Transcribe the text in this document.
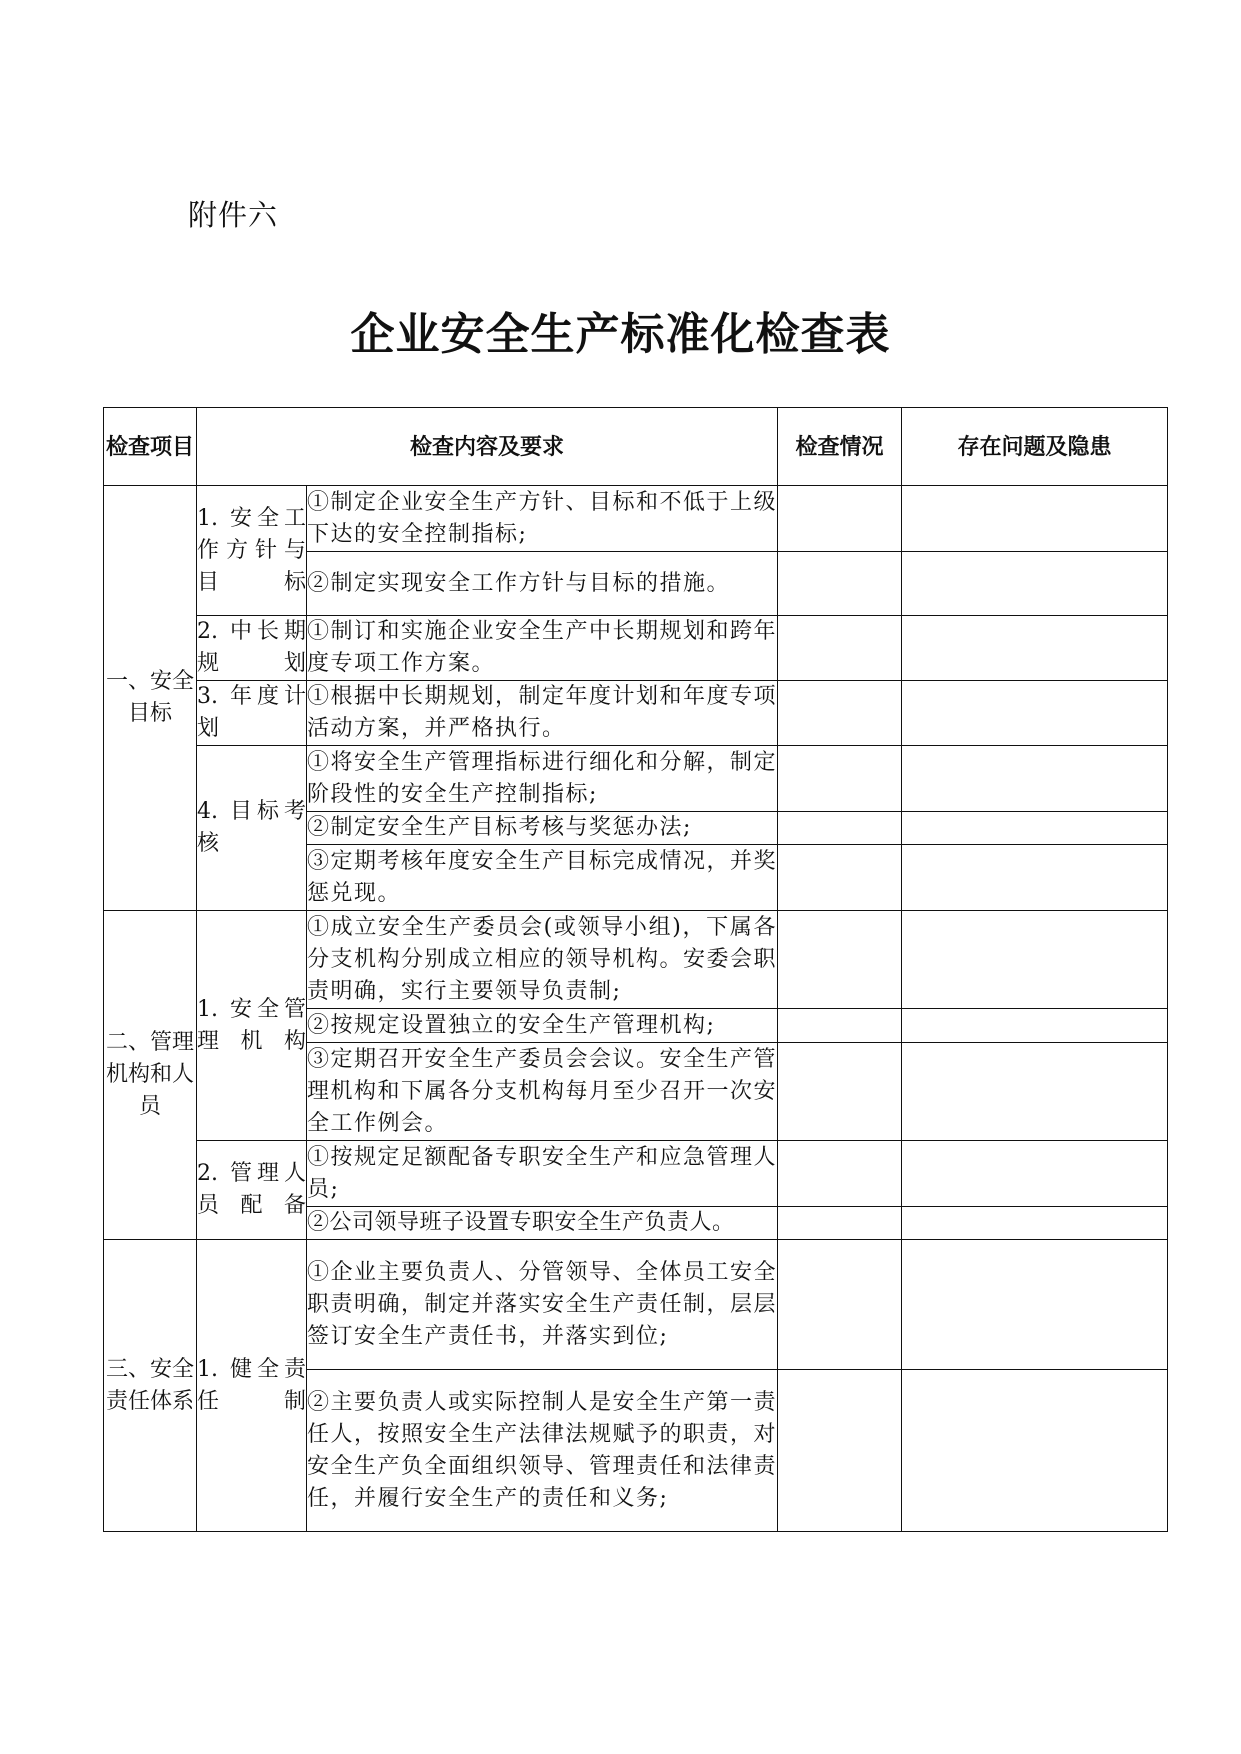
附件六
企业安全生产标准化检查表
检查项目	检查内容及要求		检查情况	存在问题及隐患
一、安全目标	1. 安全工作方针与目标	①制定企业安全生产方针、目标和不低于上级下达的安全控制指标;		
		②制定实现安全工作方针与目标的措施。		
	2. 中长期规划	①制订和实施企业安全生产中长期规划和跨年度专项工作方案。		
	3. 年度计划	①根据中长期规划，制定年度计划和年度专项活动方案，并严格执行。		
	4. 目标考核	①将安全生产管理指标进行细化和分解，制定阶段性的安全生产控制指标;		
		②制定安全生产目标考核与奖惩办法;		
		③定期考核年度安全生产目标完成情况，并奖惩兑现。		
二、管理机构和人员	1. 安全管理机构	①成立安全生产委员会(或领导小组)，下属各分支机构分别成立相应的领导机构。安委会职责明确，实行主要领导负责制;		
		②按规定设置独立的安全生产管理机构;		
		③定期召开安全生产委员会会议。安全生产管理机构和下属各分支机构每月至少召开一次安全工作例会。		
	2. 管理人员配备	①按规定足额配备专职安全生产和应急管理人员;		
		②公司领导班子设置专职安全生产负责人。		
三、安全责任体系	1. 健全责任制	①企业主要负责人、分管领导、全体员工安全职责明确，制定并落实安全生产责任制，层层签订安全生产责任书，并落实到位;		
		②主要负责人或实际控制人是安全生产第一责任人，按照安全生产法律法规赋予的职责，对安全生产负全面组织领导、管理责任和法律责任，并履行安全生产的责任和义务;		
